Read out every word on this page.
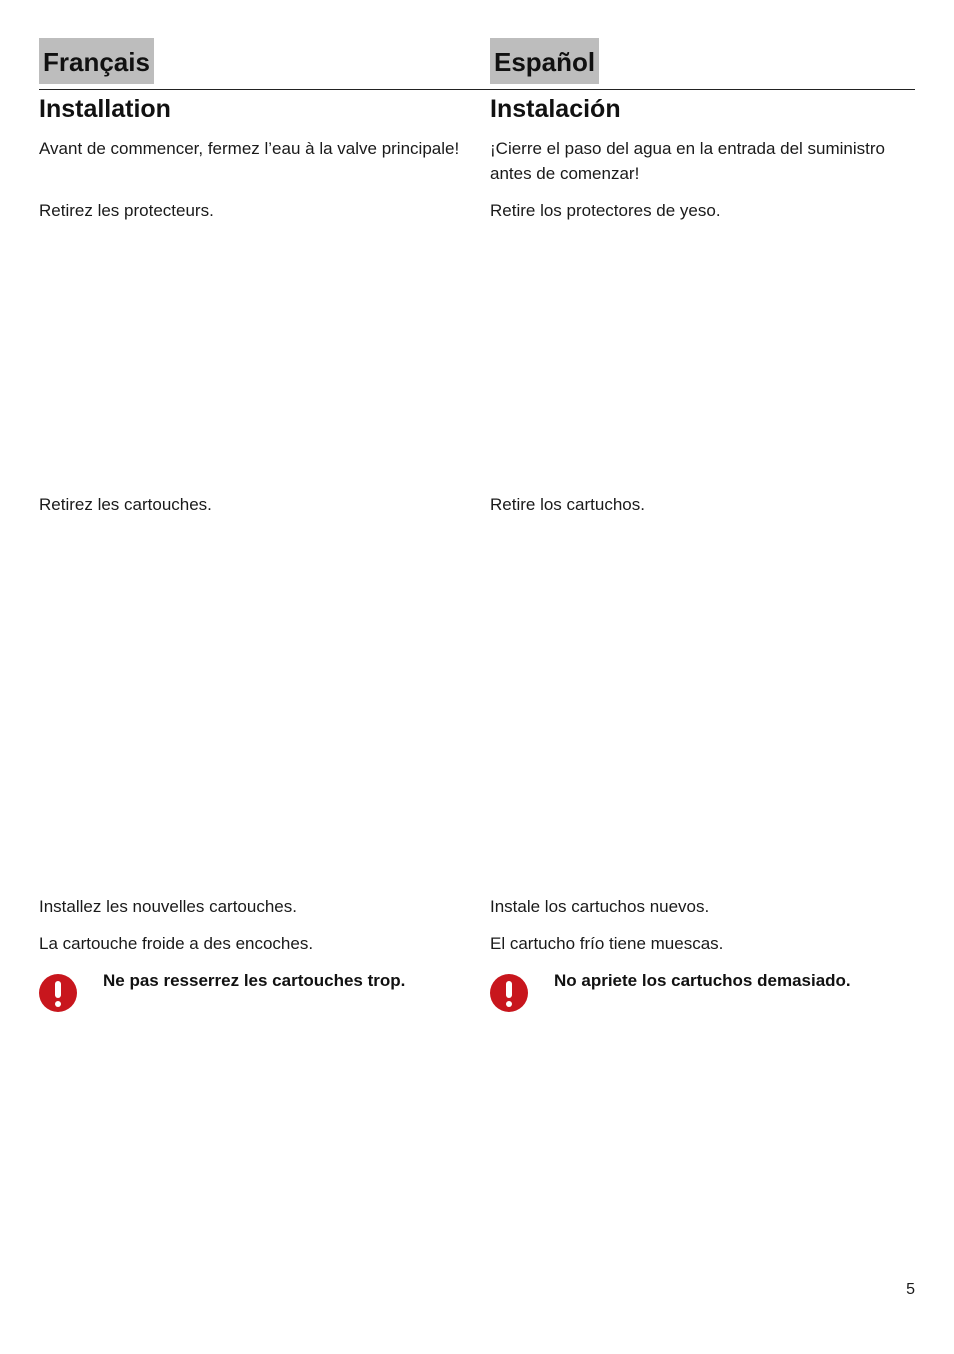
Français
Installation

Avant de commencer, fermez l’eau à la valve principale!

Retirez les protecteurs.

Retirez les cartouches.

Installez les nouvelles cartouches.

La cartouche froide a des encoches.

Ne pas resserrez les cartouches trop.

Español
Instalación

¡Cierre el paso del agua en la entrada del suministro antes de comenzar!

Retire los protectores de yeso.

Retire los cartuchos.

Instale los cartuchos nuevos.

El cartucho frío tiene muescas.

No apriete los cartuchos demasiado.

5
